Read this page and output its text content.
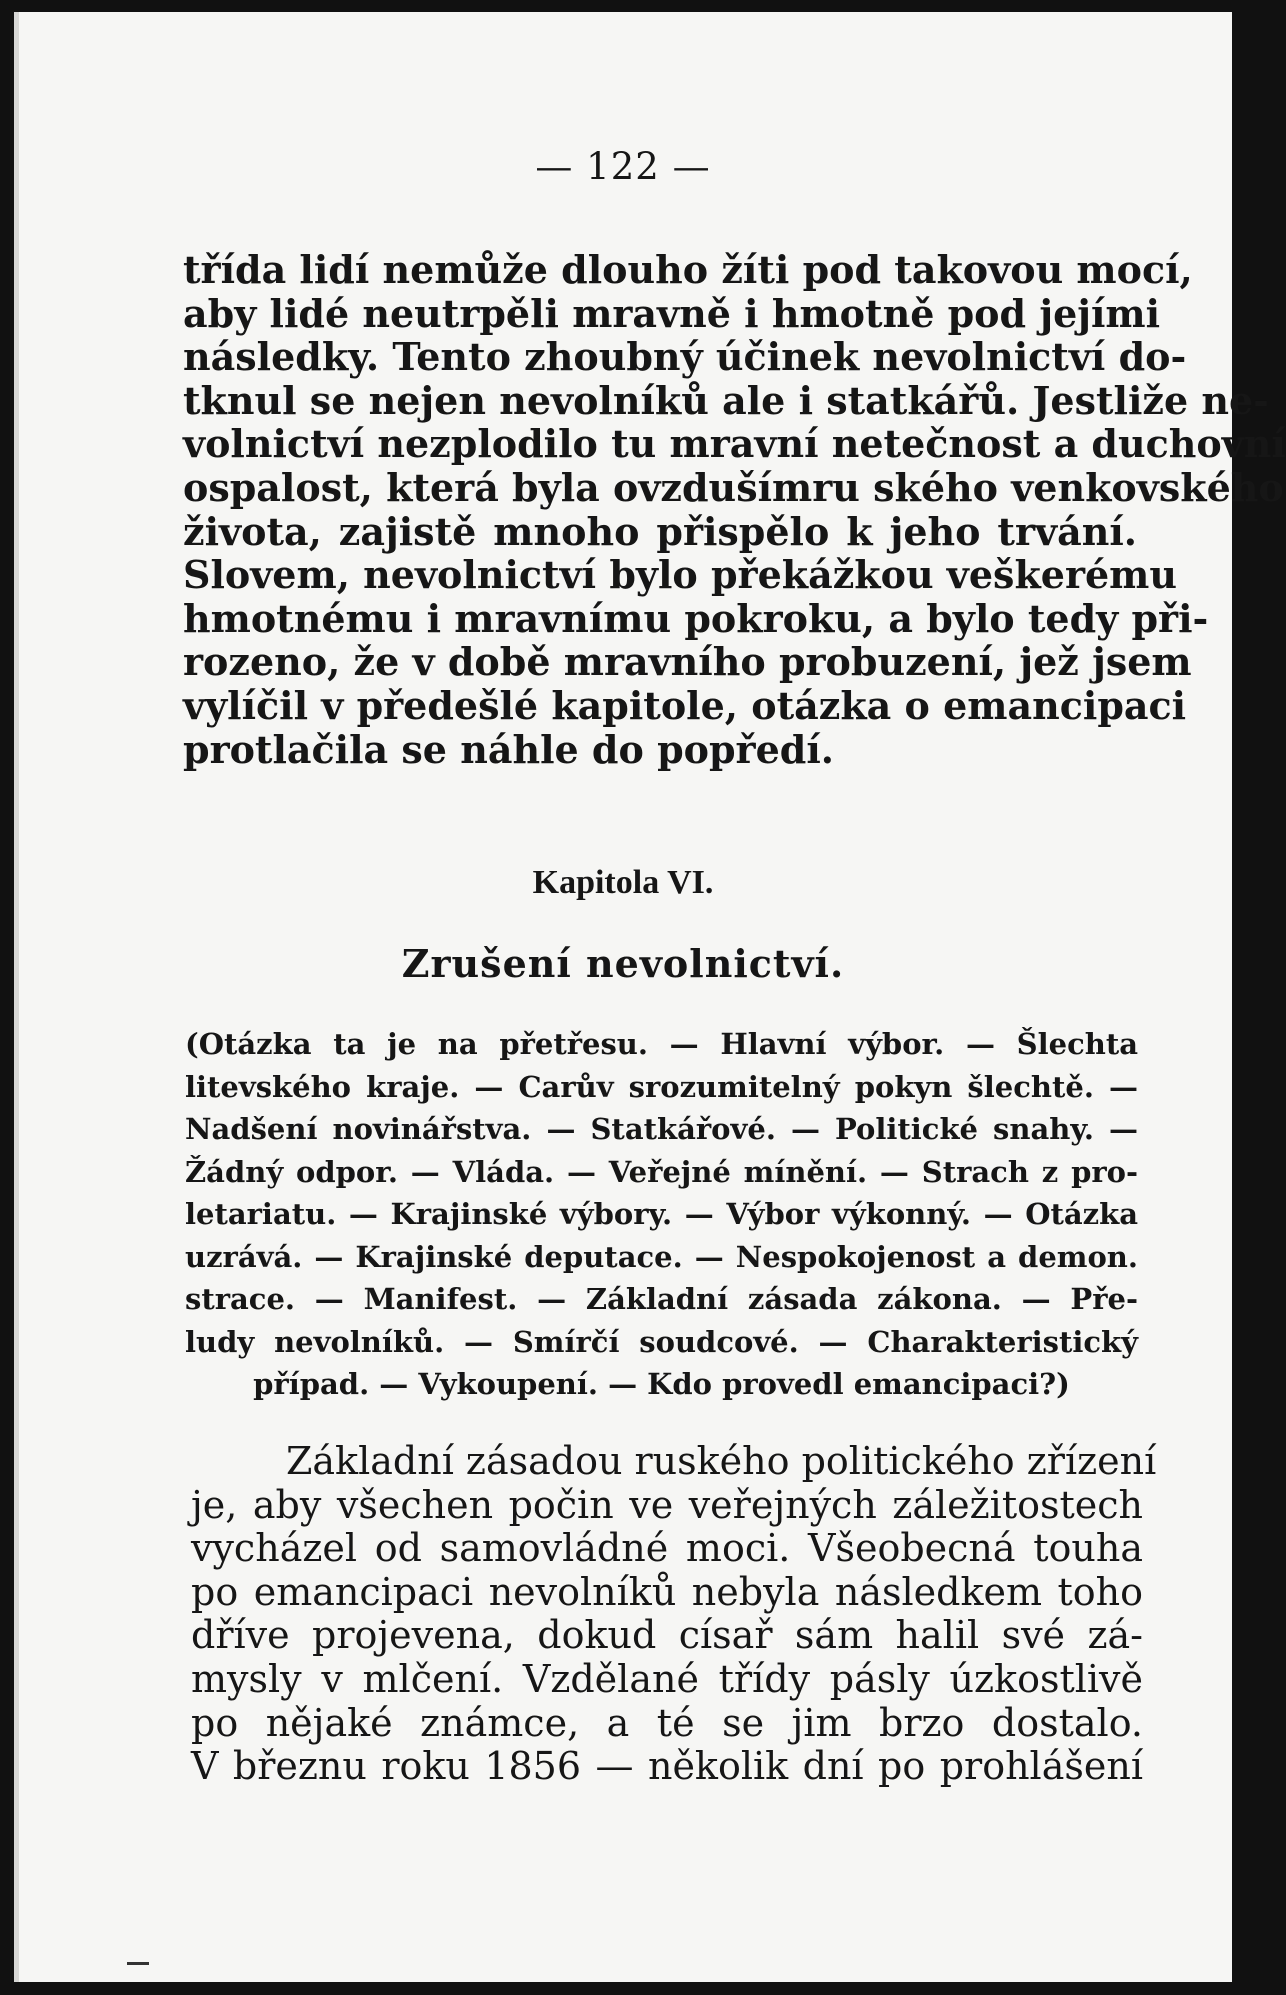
— 122 —
třída lidí nemůže dlouho žíti pod takovou mocí,
aby lidé neutrpěli mravně i hmotně pod jejími
následky. Tento zhoubný účinek nevolnictví do-
tknul se nejen nevolníků ale i statkářů. Jestliže ne-
volnictví nezplodilo tu mravní netečnost a duchovní
ospalost, která byla ovzdušímru ského venkovského
života, zajistě mnoho přispělo k jeho trvání.
Slovem, nevolnictví bylo překážkou veškerému
hmotnému i mravnímu pokroku, a bylo tedy při-
rozeno, že v době mravního probuzení, jež jsem
vylíčil v předešlé kapitole, otázka o emancipaci
protlačila se náhle do popředí.
Kapitola VI.
Zrušení nevolnictví.
(Otázka ta je na přetřesu. — Hlavní výbor. — Šlechta
litevského kraje. — Carův srozumitelný pokyn šlechtě. —
Nadšení novinářstva. — Statkářové. — Politické snahy. —
Žádný odpor. — Vláda. — Veřejné mínění. — Strach z pro-
letariatu. — Krajinské výbory. — Výbor výkonný. — Otázka
uzrává. — Krajinské deputace. — Nespokojenost a demon.
strace. — Manifest. — Základní zásada zákona. — Pře-
ludy nevolníků. — Smírčí soudcové. — Charakteristický
případ. — Vykoupení. — Kdo provedl emancipaci?)
Základní zásadou ruského politického zřízení
je, aby všechen počin ve veřejných záležitostech
vycházel od samovládné moci. Všeobecná touha
po emancipaci nevolníků nebyla následkem toho
dříve projevena, dokud císař sám halil své zá-
mysly v mlčení. Vzdělané třídy pásly úzkostlivě
po nějaké známce, a té se jim brzo dostalo.
V březnu roku 1856 — několik dní po prohlášení
